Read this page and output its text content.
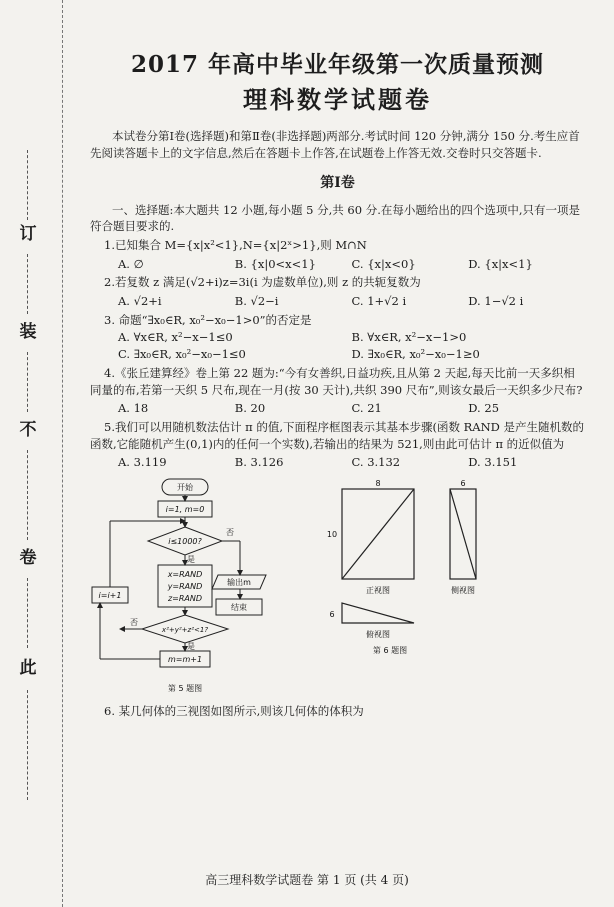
订
装
不
卷
此
2017 年高中毕业年级第一次质量预测
理科数学试题卷

本试卷分第Ⅰ卷(选择题)和第Ⅱ卷(非选择题)两部分.考试时间 120 分钟,满分 150 分.考生应首先阅读答题卡上的文字信息,然后在答题卡上作答,在试题卷上作答无效.交卷时只交答题卡.

第Ⅰ卷

一、选择题:本大题共 12 小题,每小题 5 分,共 60 分.在每小题给出的四个选项中,只有一项是符合题目要求的.

1.已知集合 M={x|x²<1},N={x|2ˣ>1},则 M∩N

A. ∅	B. {x|0<x<1}	C. {x|x<0}	D. {x|x<1}

2.若复数 z 满足(√2+i)z=3i(i 为虚数单位),则 z 的共轭复数为

A. √2+i	B. √2−i	C. 1+√2 i	D. 1−√2 i

3. 命题“∃x₀∈R, x₀²−x₀−1>0”的否定是

A. ∀x∈R, x²−x−1≤0	B. ∀x∈R, x²−x−1>0
C. ∃x₀∈R, x₀²−x₀−1≤0	D. ∃x₀∈R, x₀²−x₀−1≥0

4.《张丘建算经》卷上第 22 题为:“今有女善织,日益功疾,且从第 2 天起,每天比前一天多织相同量的布,若第一天织 5 尺布,现在一月(按 30 天计),共织 390 尺布”,则该女最后一天织多少尺布?

A. 18	B. 20	C. 21	D. 25

5.我们可以用随机数法估计 π 的值,下面程序框图表示其基本步骤(函数 RAND 是产生随机数的函数,它能随机产生(0,1)内的任何一个实数),若输出的结果为 521,则由此可估计 π 的近似值为

A. 3.119	B. 3.126	C. 3.132	D. 3.151
开始
i=1, m=0
i≤1000?
否
是
x=RAND
y=RAND
z=RAND
输出m
结束
x²+y²+z²<1?
否
是
m=m+1
i=i+1
第 5 题图
8
10
6
6
正视图	侧视图
俯视图
第 6 题图

6. 某几何体的三视图如图所示,则该几何体的体积为

高三理科数学试题卷 第 1 页 (共 4 页)
